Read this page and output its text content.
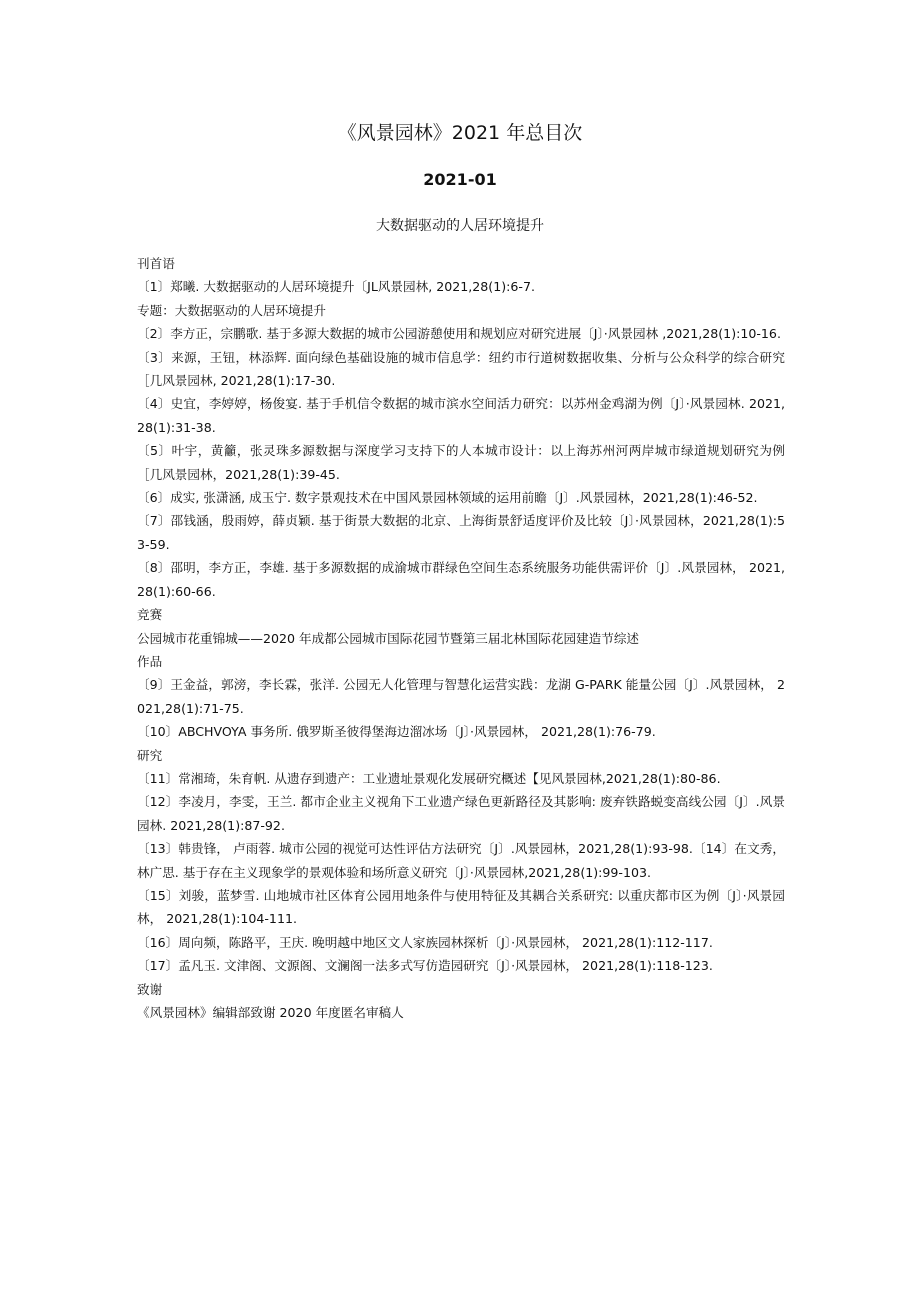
《风景园林》2021 年总目次
2021-01
大数据驱动的人居环境提升

刊首语

〔1〕郑曦. 大数据驱动的人居环境提升〔JL风景园林, 2021,28(1):6-7.

专题：大数据驱动的人居环境提升

〔2〕李方正，宗鹏歌. 基于多源大数据的城市公园游憩使用和规划应对研究进展〔J〕·风景园林 ,2021,28(1):10-16.

〔3〕来源，王钮，林添辉. 面向绿色基础设施的城市信息学：纽约市行道树数据收集、分析与公众科学的综合研究［几风景园林, 2021,28(1):17-30.

〔4〕史宜，李婷婷，杨俊宴. 基于手机信令数据的城市滨水空间活力研究：以苏州金鸡湖为例〔J〕·风景园林. 2021,28(1):31-38.

〔5〕叶宇，黄籲，张灵珠多源数据与深度学习支持下的人本城市设计：以上海苏州河两岸城市绿道规划研究为例［几风景园林，2021,28(1):39-45.

〔6〕成实, 张潇涵, 成玉宁. 数字景观技术在中国风景园林领域的运用前瞻〔J〕.风景园林，2021,28(1):46-52.

〔7〕邵钱涵，殷雨婷，薛贞颖. 基于街景大数据的北京、上海街景舒适度评价及比较〔J〕·风景园林，2021,28(1):53-59.

〔8〕邵明，李方正，李雄. 基于多源数据的成渝城市群绿色空间生态系统服务功能供需评价〔J〕.风景园林， 2021,28(1):60-66.

竞赛

公园城市花重锦城——2020 年成都公园城市国际花园节暨第三届北林国际花园建造节综述

作品

〔9〕王金益，郭滂，李长霖，张洋. 公园无人化管理与智慧化运营实践：龙湖 G-PARK 能量公园〔J〕.风景园林， 2021,28(1):71-75.

〔10〕ABCHVOYA 事务所. 俄罗斯圣彼得堡海边溜冰场〔J〕·风景园林， 2021,28(1):76-79.

研究

〔11〕常湘琦，朱育帆. 从遗存到遗产：工业遗址景观化发展研究概述【见风景园林,2021,28(1):80-86.

〔12〕李凌月，李雯，王兰. 都市企业主义视角下工业遗产绿色更新路径及其影响: 废弃铁路蜕变高线公园〔J〕.风景园林. 2021,28(1):87-92.

〔13〕韩贵锋， 卢雨蓉. 城市公园的视觉可达性评估方法研究〔J〕.风景园林，2021,28(1):93-98.〔14〕在文秀，林广思. 基于存在主义现象学的景观体验和场所意义研究〔J〕·风景园林,2021,28(1):99-103.

〔15〕刘骏，蓝梦雪. 山地城市社区体育公园用地条件与使用特征及其耦合关系研究: 以重庆都市区为例〔J〕·风景园林， 2021,28(1):104-111.

〔16〕周向频，陈路平，王庆. 晚明越中地区文人家族园林探析〔J〕·风景园林， 2021,28(1):112-117.

〔17〕孟凡玉. 文津阁、文源阁、文澜阁一法多式写仿造园研究〔J〕·风景园林， 2021,28(1):118-123.

致谢

《风景园林》编辑部致谢 2020 年度匿名审稿人
